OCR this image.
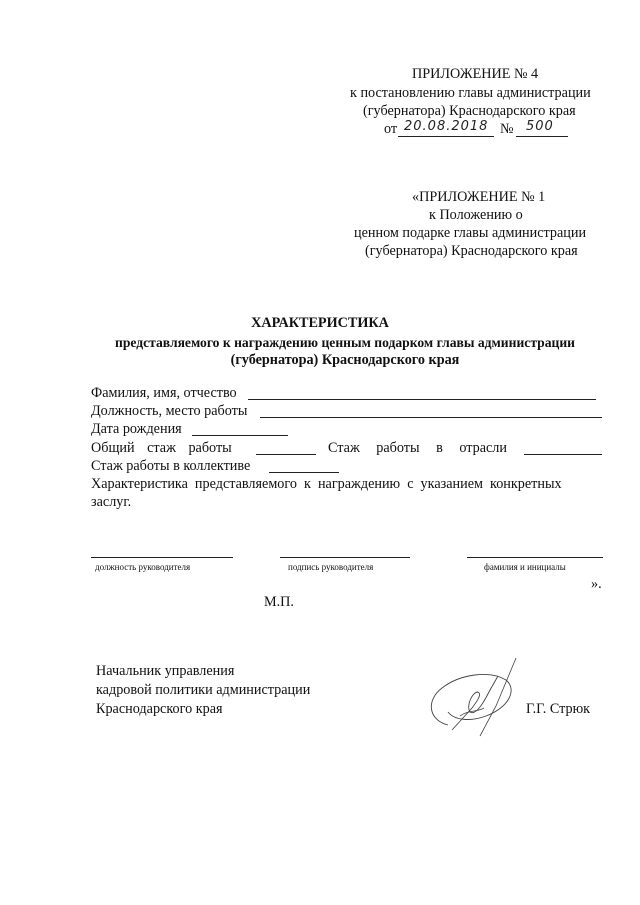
ПРИЛОЖЕНИЕ № 4
к постановлению главы администрации
(губернатора) Краснодарского края
от 20.08.2018 № 500
«ПРИЛОЖЕНИЕ № 1
к Положению о
ценном подарке главы администрации
(губернатора) Краснодарского края
ХАРАКТЕРИСТИКА
представляемого к награждению ценным подарком главы администрации
(губернатора) Краснодарского края
Фамилия, имя, отчество
Должность, место работы
Дата рождения
Общий стаж работы	Стаж работы в отрасли
Стаж работы в коллективе
Характеристика представляемого к награждению с указанием конкретных
заслуг.
должность руководителя	подпись руководителя	фамилия и инициалы
».
М.П.
Начальник управления
кадровой политики администрации
Краснодарского края	Г.Г. Стрюк
